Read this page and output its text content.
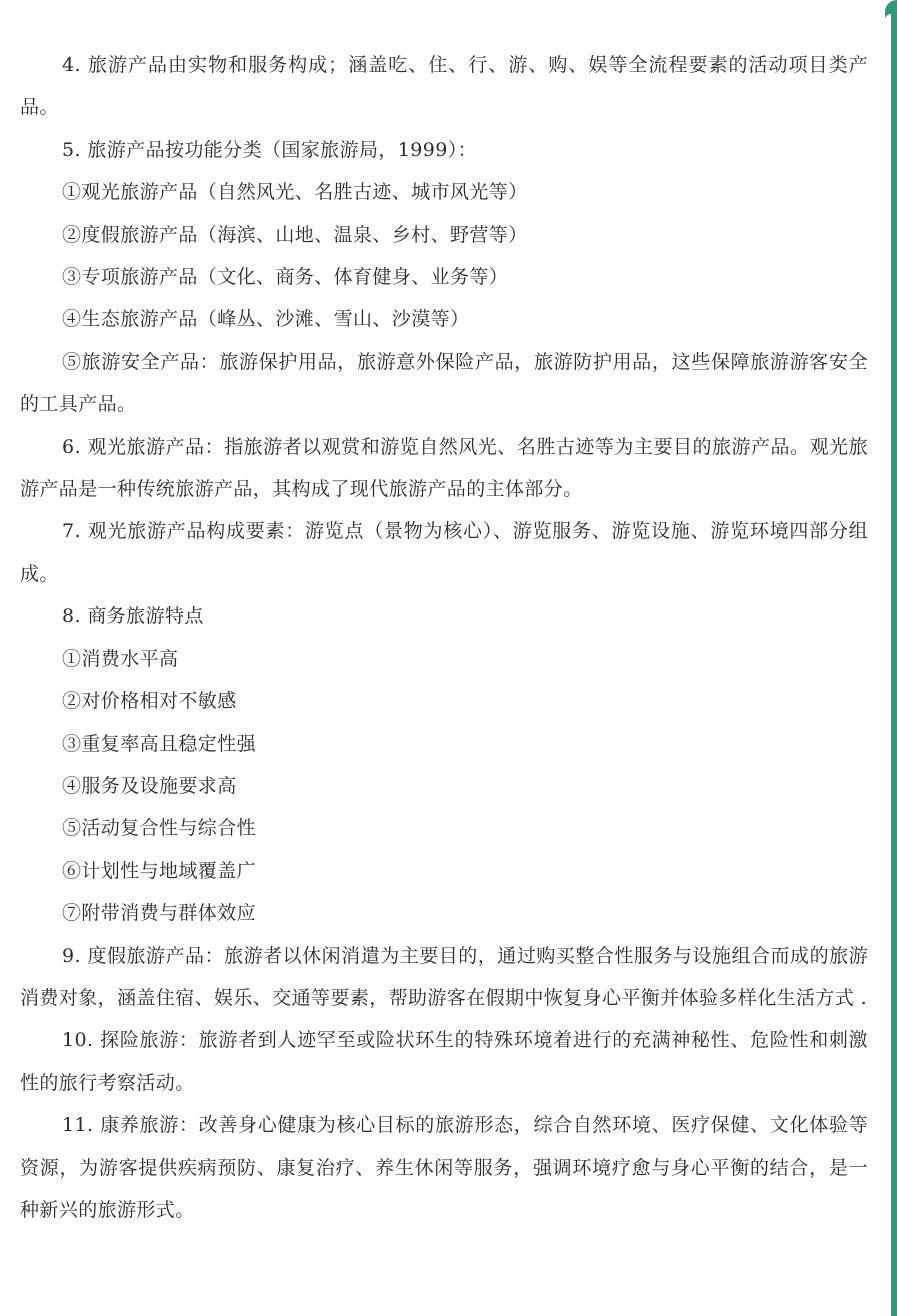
4. 旅游产品由实物和服务构成；涵盖吃、住、行、游、购、娱等全流程要素的活动项目类产品。

5. 旅游产品按功能分类（国家旅游局，1999）：

①观光旅游产品（自然风光、名胜古迹、城市风光等）

②度假旅游产品（海滨、山地、温泉、乡村、野营等）

③专项旅游产品（文化、商务、体育健身、业务等）

④生态旅游产品（峰丛、沙滩、雪山、沙漠等）

⑤旅游安全产品：旅游保护用品，旅游意外保险产品，旅游防护用品，这些保障旅游游客安全的工具产品。

6. 观光旅游产品：指旅游者以观赏和游览自然风光、名胜古迹等为主要目的旅游产品。观光旅游产品是一种传统旅游产品，其构成了现代旅游产品的主体部分。

7. 观光旅游产品构成要素：游览点（景物为核心）、游览服务、游览设施、游览环境四部分组成。

8. 商务旅游特点

①消费水平高

②对价格相对不敏感

③重复率高且稳定性强

④服务及设施要求高

⑤活动复合性与综合性

⑥计划性与地域覆盖广

⑦附带消费与群体效应

9. 度假旅游产品：旅游者以休闲消遣为主要目的，通过购买整合性服务与设施组合而成的旅游消费对象，涵盖住宿、娱乐、交通等要素，帮助游客在假期中恢复身心平衡并体验多样化生活方式 .

10. 探险旅游：旅游者到人迹罕至或险状环生的特殊环境着进行的充满神秘性、危险性和刺激性的旅行考察活动。

11. 康养旅游：改善身心健康为核心目标的旅游形态，综合自然环境、医疗保健、文化体验等资源，为游客提供疾病预防、康复治疗、养生休闲等服务，强调环境疗愈与身心平衡的结合，是一种新兴的旅游形式。
